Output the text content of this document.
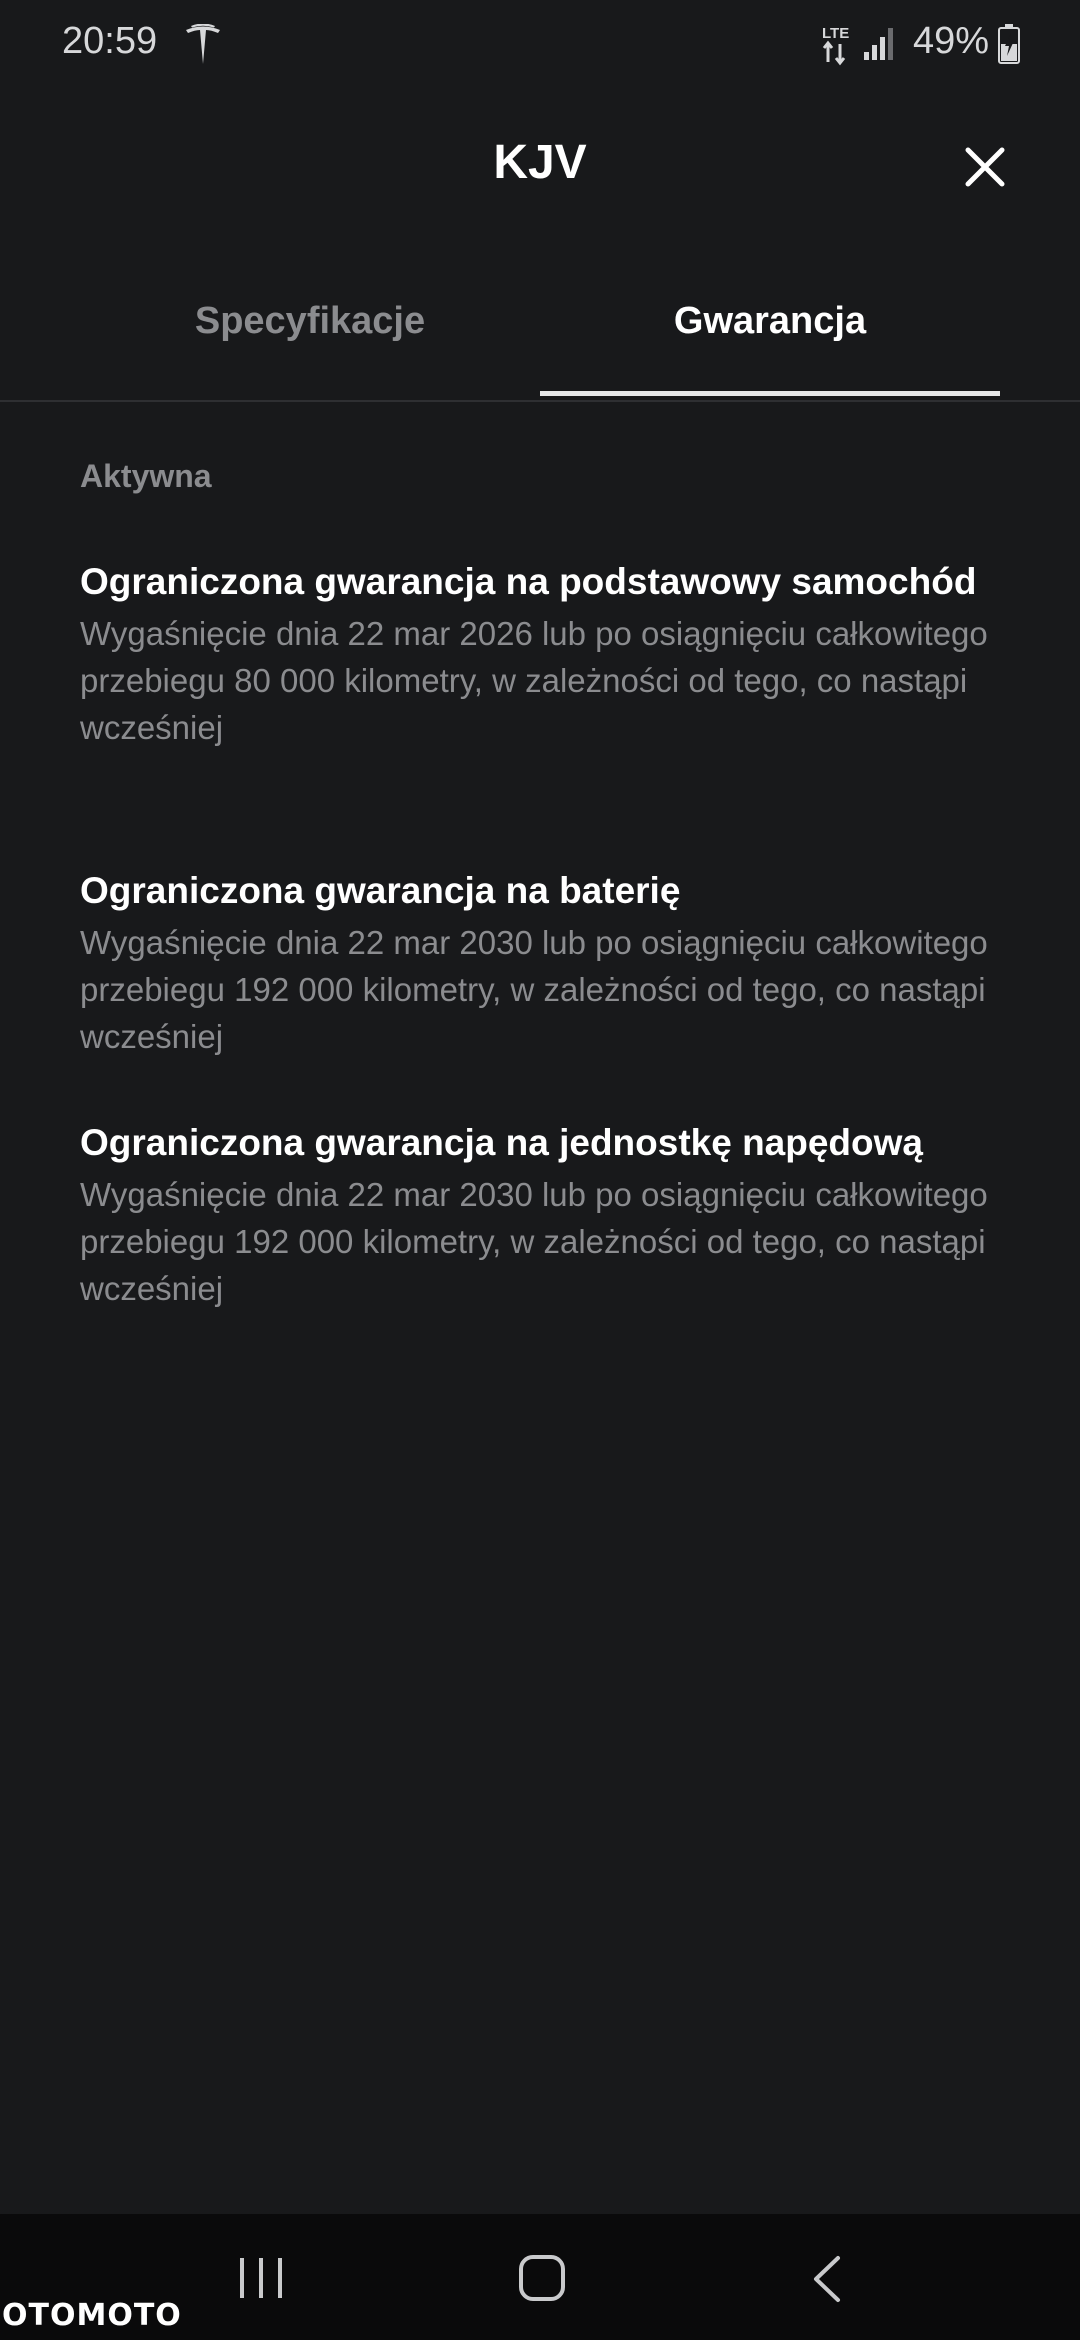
20:59	LTE 49%
KJV
Specyfikacje	Gwarancja
Aktywna
Ograniczona gwarancja na podstawowy samochód
Wygaśnięcie dnia 22 mar 2026 lub po osiągnięciu całkowitego przebiegu 80 000 kilometry, w zależności od tego, co nastąpi wcześniej
Ograniczona gwarancja na baterię
Wygaśnięcie dnia 22 mar 2030 lub po osiągnięciu całkowitego przebiegu 192 000 kilometry, w zależności od tego, co nastąpi wcześniej
Ograniczona gwarancja na jednostkę napędową
Wygaśnięcie dnia 22 mar 2030 lub po osiągnięciu całkowitego przebiegu 192 000 kilometry, w zależności od tego, co nastąpi wcześniej
OTOMOTO
